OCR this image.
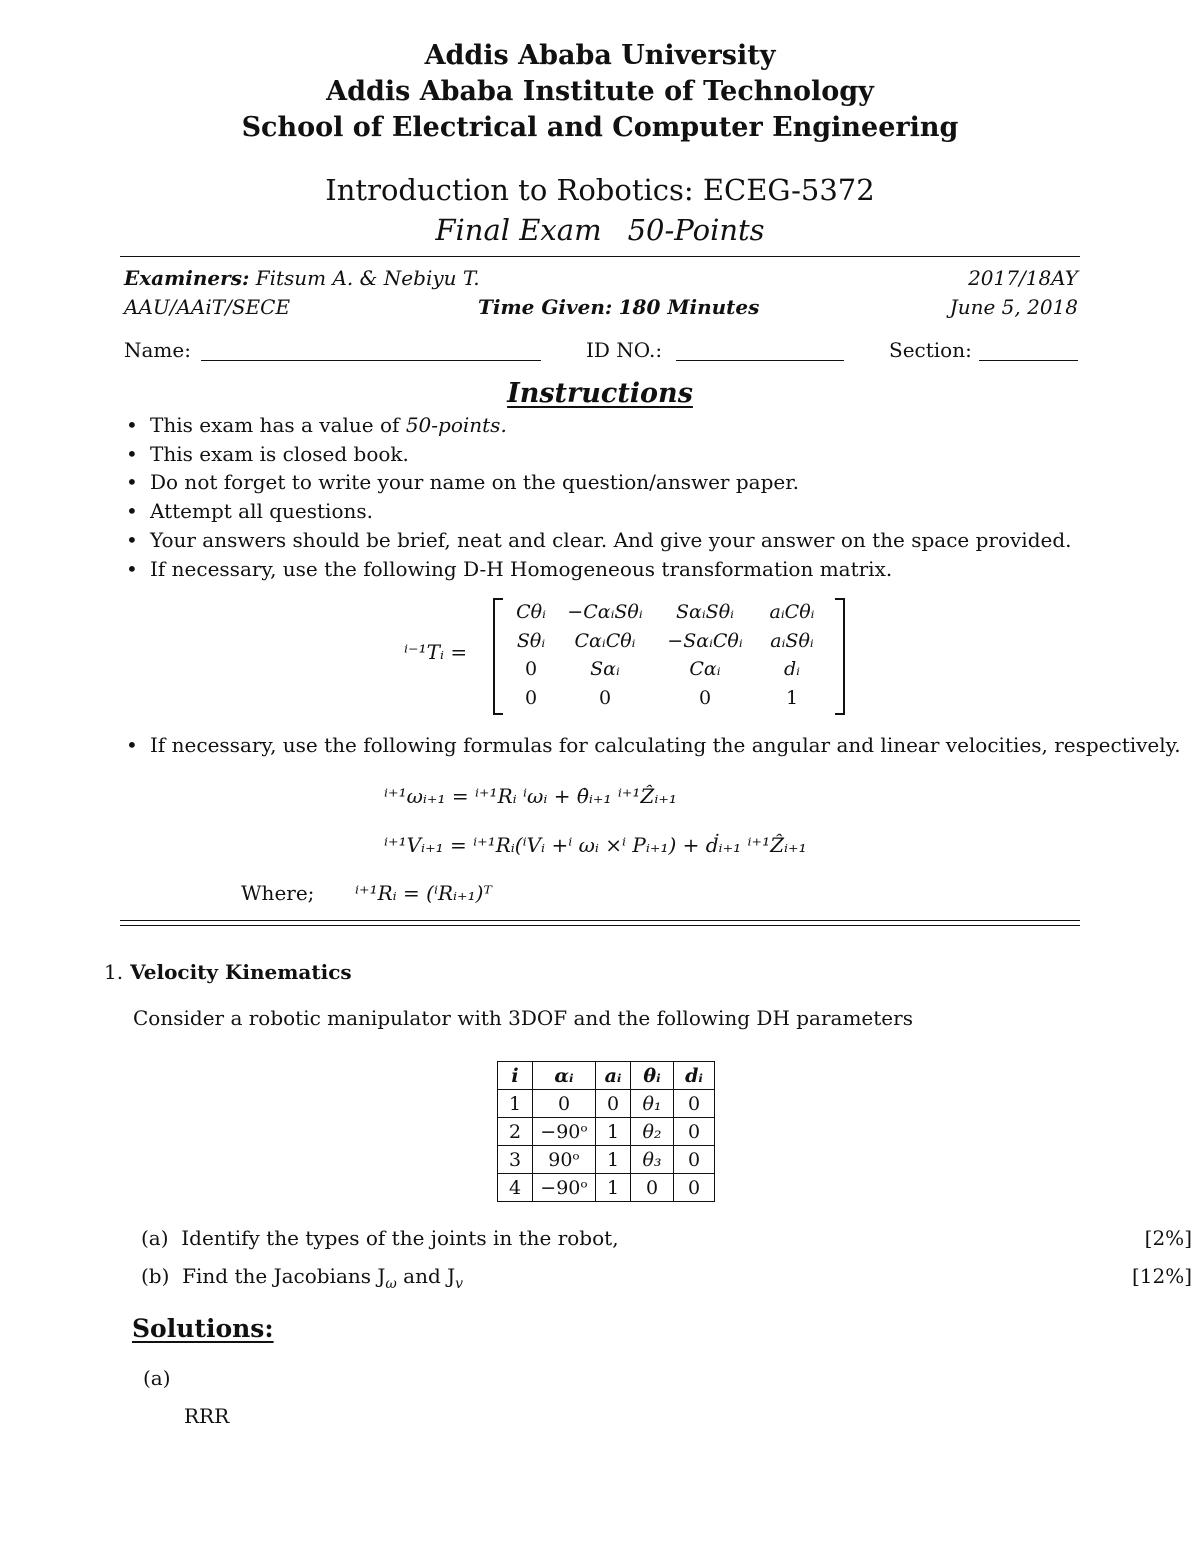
Addis Ababa University
Addis Ababa Institute of Technology
School of Electrical and Computer Engineering
Introduction to Robotics: ECEG-5372
Final Exam 50-Points
Examiners: Fitsum A. & Nebiyu T.	2017/18AY
AAU/AAiT/SECE	Time Given: 180 Minutes	June 5, 2018
Name:	ID NO.:	Section:
Instructions
• This exam has a value of 50-points.
• This exam is closed book.
• Do not forget to write your name on the question/answer paper.
• Attempt all questions.
• Your answers should be brief, neat and clear. And give your answer on the space provided.
• If necessary, use the following D-H Homogeneous transformation matrix.
ⁱ⁻¹Tᵢ =
Cθᵢ	−CαᵢSθᵢ	SαᵢSθᵢ	aᵢCθᵢ
Sθᵢ	CαᵢCθᵢ	−SαᵢCθᵢ	aᵢSθᵢ
0	Sαᵢ	Cαᵢ	dᵢ
0	0	0	1
• If necessary, use the following formulas for calculating the angular and linear velocities, respectively.
ⁱ⁺¹ωᵢ₊₁ = ⁱ⁺¹Rᵢ ⁱωᵢ + θ̇ᵢ₊₁ ⁱ⁺¹Ẑᵢ₊₁
ⁱ⁺¹Vᵢ₊₁ = ⁱ⁺¹Rᵢ(ⁱVᵢ +ⁱ ωᵢ ×ⁱ Pᵢ₊₁) + ḋᵢ₊₁ ⁱ⁺¹Ẑᵢ₊₁
Where; ⁱ⁺¹Rᵢ = (ⁱRᵢ₊₁)ᵀ
1. Velocity Kinematics
Consider a robotic manipulator with 3DOF and the following DH parameters
i	αᵢ	aᵢ	θᵢ	dᵢ
1	0	0	θ₁	0
2	−90ᵒ	1	θ₂	0
3	90ᵒ	1	θ₃	0
4	−90ᵒ	1	0	0
(a) Identify the types of the joints in the robot,	[2%]
(b) Find the Jacobians $J_\omega$ and $J_v$	[12%]
Solutions:
(a)
RRR
